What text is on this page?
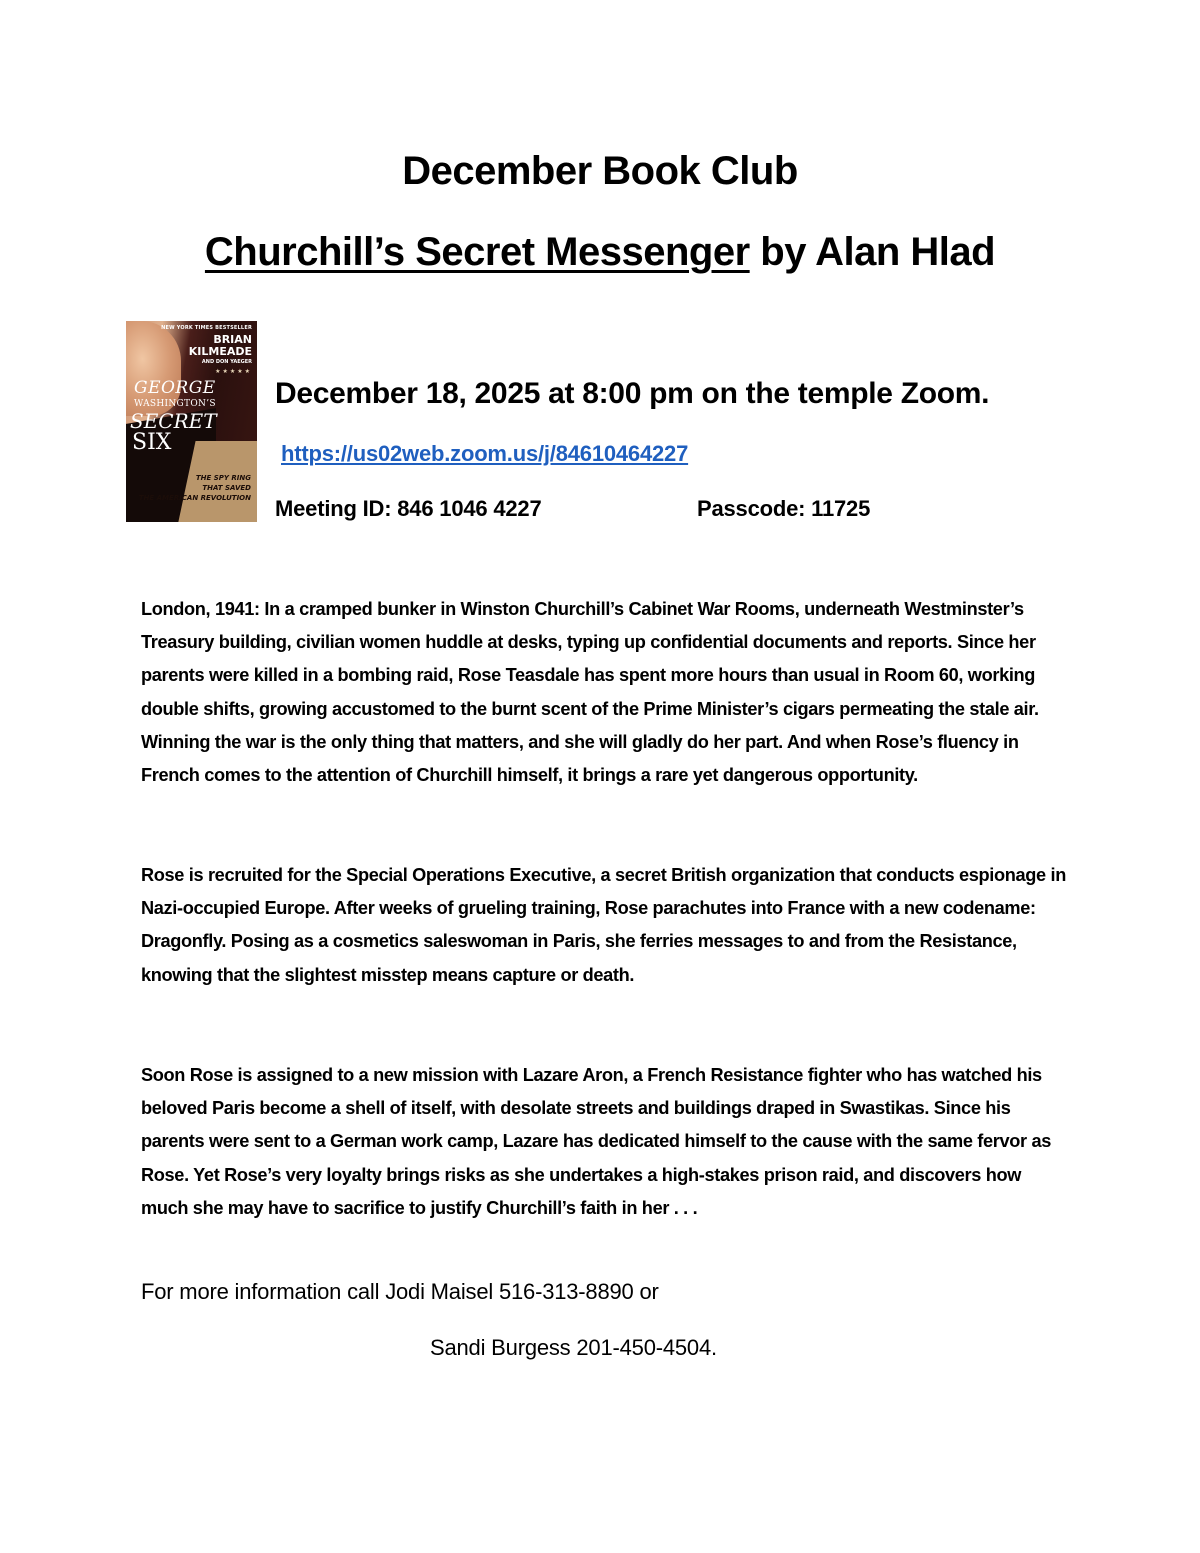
December Book Club
Churchill’s Secret Messenger by Alan Hlad
NEW YORK TIMES BESTSELLER
BRIAN
KILMEADE
AND DON YAEGER
★★★★★
GEORGE
WASHINGTON’S
SECRET
SIX
THE SPY RING
THAT SAVED
THE AMERICAN REVOLUTION
December 18, 2025 at 8:00 pm on the temple Zoom.
https://us02web.zoom.us/j/84610464227
Meeting ID: 846 1046 4227	Passcode: 11725
London, 1941: In a cramped bunker in Winston Churchill’s Cabinet War Rooms, underneath Westminster’s Treasury building, civilian women huddle at desks, typing up confidential documents and reports. Since her parents were killed in a bombing raid, Rose Teasdale has spent more hours than usual in Room 60, working double shifts, growing accustomed to the burnt scent of the Prime Minister’s cigars permeating the stale air. Winning the war is the only thing that matters, and she will gladly do her part. And when Rose’s fluency in French comes to the attention of Churchill himself, it brings a rare yet dangerous opportunity.
Rose is recruited for the Special Operations Executive, a secret British organization that conducts espionage in Nazi-occupied Europe. After weeks of grueling training, Rose parachutes into France with a new codename: Dragonfly. Posing as a cosmetics saleswoman in Paris, she ferries messages to and from the Resistance, knowing that the slightest misstep means capture or death.
Soon Rose is assigned to a new mission with Lazare Aron, a French Resistance fighter who has watched his beloved Paris become a shell of itself, with desolate streets and buildings draped in Swastikas. Since his parents were sent to a German work camp, Lazare has dedicated himself to the cause with the same fervor as Rose. Yet Rose’s very loyalty brings risks as she undertakes a high-stakes prison raid, and discovers how much she may have to sacrifice to justify Churchill’s faith in her . . .
For more information call Jodi Maisel 516-313-8890 or
Sandi Burgess 201-450-4504.
